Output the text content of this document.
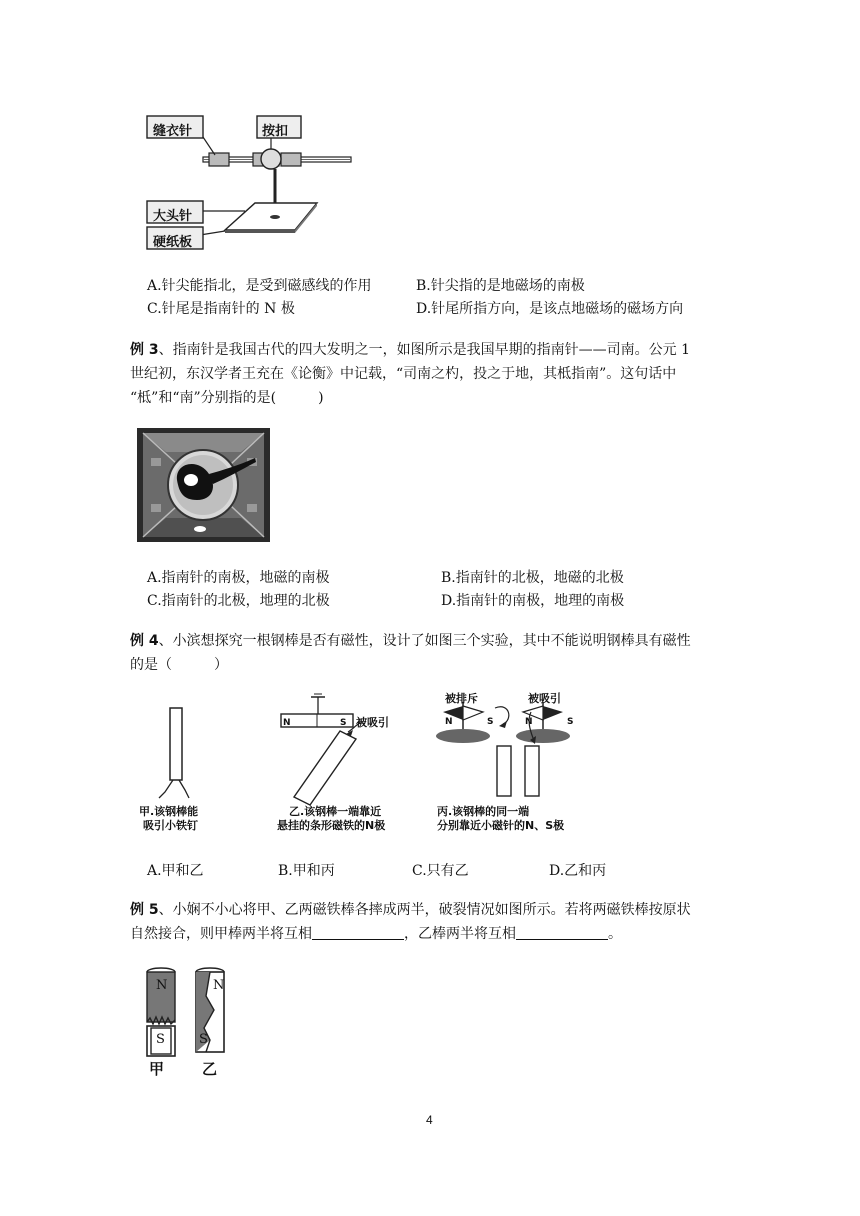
缝衣针	按扣
大头针
硬纸板
A.针尖能指北，是受到磁感线的作用	B.针尖指的是地磁场的南极
C.针尾是指南针的 N 极	D.针尾所指方向，是该点地磁场的磁场方向
例 3、指南针是我国古代的四大发明之一，如图所示是我国早期的指南针——司南。公元 1
世纪初，东汉学者王充在《论衡》中记载，“司南之杓，投之于地，其柢指南”。这句话中
“柢”和“南”分别指的是(　　　)
A.指南针的南极，地磁的南极	B.指南针的北极，地磁的北极
C.指南针的北极，地理的北极	D.指南针的南极，地理的南极
例 4、小滨想探究一根钢棒是否有磁性，设计了如图三个实验，其中不能说明钢棒具有磁性
的是（　　　）
N	S 被吸引
被排斥	被吸引
N	S	N	S
甲.该钢棒能
吸引小铁钉
乙.该钢棒一端靠近
悬挂的条形磁铁的N极
丙.该钢棒的同一端
分别靠近小磁针的N、S极
A.甲和乙	B.甲和丙	C.只有乙	D.乙和丙
例 5、小娴不小心将甲、乙两磁铁棒各摔成两半，破裂情况如图所示。若将两磁铁棒按原状
自然接合，则甲棒两半将互相	，乙棒两半将互相	。
N
S
N
S
甲	乙
4
